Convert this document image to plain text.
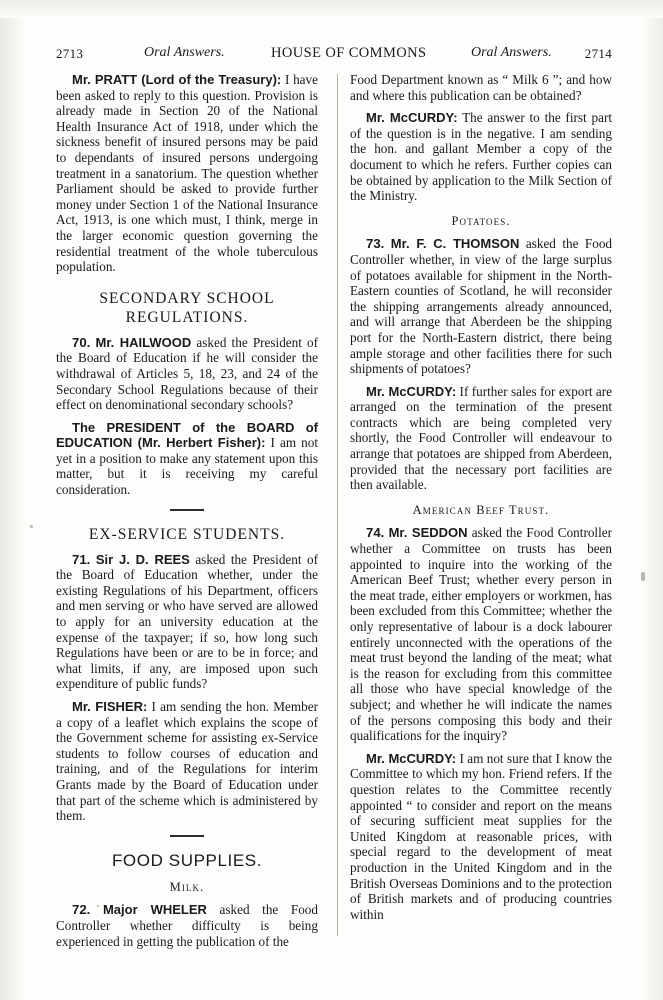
2713	Oral Answers.	HOUSE OF COMMONS	Oral Answers.	2714

Mr. PRATT (Lord of the Treasury): I have been asked to reply to this question. Provision is already made in Section 20 of the National Health Insurance Act of 1918, under which the sickness benefit of insured persons may be paid to dependants of insured persons undergoing treatment in a sanatorium. The question whether Parliament should be asked to provide further money under Section 1 of the National Insurance Act, 1913, is one which must, I think, merge in the larger economic question governing the residential treatment of the whole tuberculous population.

SECONDARY SCHOOL REGULATIONS.

70. Mr. HAILWOOD asked the President of the Board of Education if he will consider the withdrawal of Articles 5, 18, 23, and 24 of the Secondary School Regulations because of their effect on denominational secondary schools?

The PRESIDENT of the BOARD of EDUCATION (Mr. Herbert Fisher): I am not yet in a position to make any statement upon this matter, but it is receiving my careful consideration.

EX-SERVICE STUDENTS.

71. Sir J. D. REES asked the President of the Board of Education whether, under the existing Regulations of his Department, officers and men serving or who have served are allowed to apply for an university education at the expense of the taxpayer; if so, how long such Regulations have been or are to be in force; and what limits, if any, are imposed upon such expenditure of public funds?

Mr. FISHER: I am sending the hon. Member a copy of a leaflet which explains the scope of the Government scheme for assisting ex-Service students to follow courses of education and training, and of the Regulations for interim Grants made by the Board of Education under that part of the scheme which is administered by them.

FOOD SUPPLIES.
Milk.

72. Major WHELER asked the Food Controller whether difficulty is being experienced in getting the publication of the

Food Department known as “ Milk 6 ”; and how and where this publication can be obtained?

Mr. McCURDY: The answer to the first part of the question is in the negative. I am sending the hon. and gallant Member a copy of the document to which he refers. Further copies can be obtained by application to the Milk Section of the Ministry.

Potatoes.

73. Mr. F. C. THOMSON asked the Food Controller whether, in view of the large surplus of potatoes available for shipment in the North-Eastern counties of Scotland, he will reconsider the shipping arrangements already announced, and will arrange that Aberdeen be the shipping port for the North-Eastern district, there being ample storage and other facilities there for such shipments of potatoes?

Mr. McCURDY: If further sales for export are arranged on the termination of the present contracts which are being completed very shortly, the Food Controller will endeavour to arrange that potatoes are shipped from Aberdeen, provided that the necessary port facilities are then available.

American Beef Trust.

74. Mr. SEDDON asked the Food Controller whether a Committee on trusts has been appointed to inquire into the working of the American Beef Trust; whether every person in the meat trade, either employers or workmen, has been excluded from this Committee; whether the only representative of labour is a dock labourer entirely unconnected with the operations of the meat trust beyond the landing of the meat; what is the reason for excluding from this committee all those who have special knowledge of the subject; and whether he will indicate the names of the persons composing this body and their qualifications for the inquiry?

Mr. McCURDY: I am not sure that I know the Committee to which my hon. Friend refers. If the question relates to the Committee recently appointed “ to consider and report on the means of securing sufficient meat supplies for the United Kingdom at reasonable prices, with special regard to the development of meat production in the United Kingdom and in the British Overseas Dominions and to the protection of British markets and of producing countries within
